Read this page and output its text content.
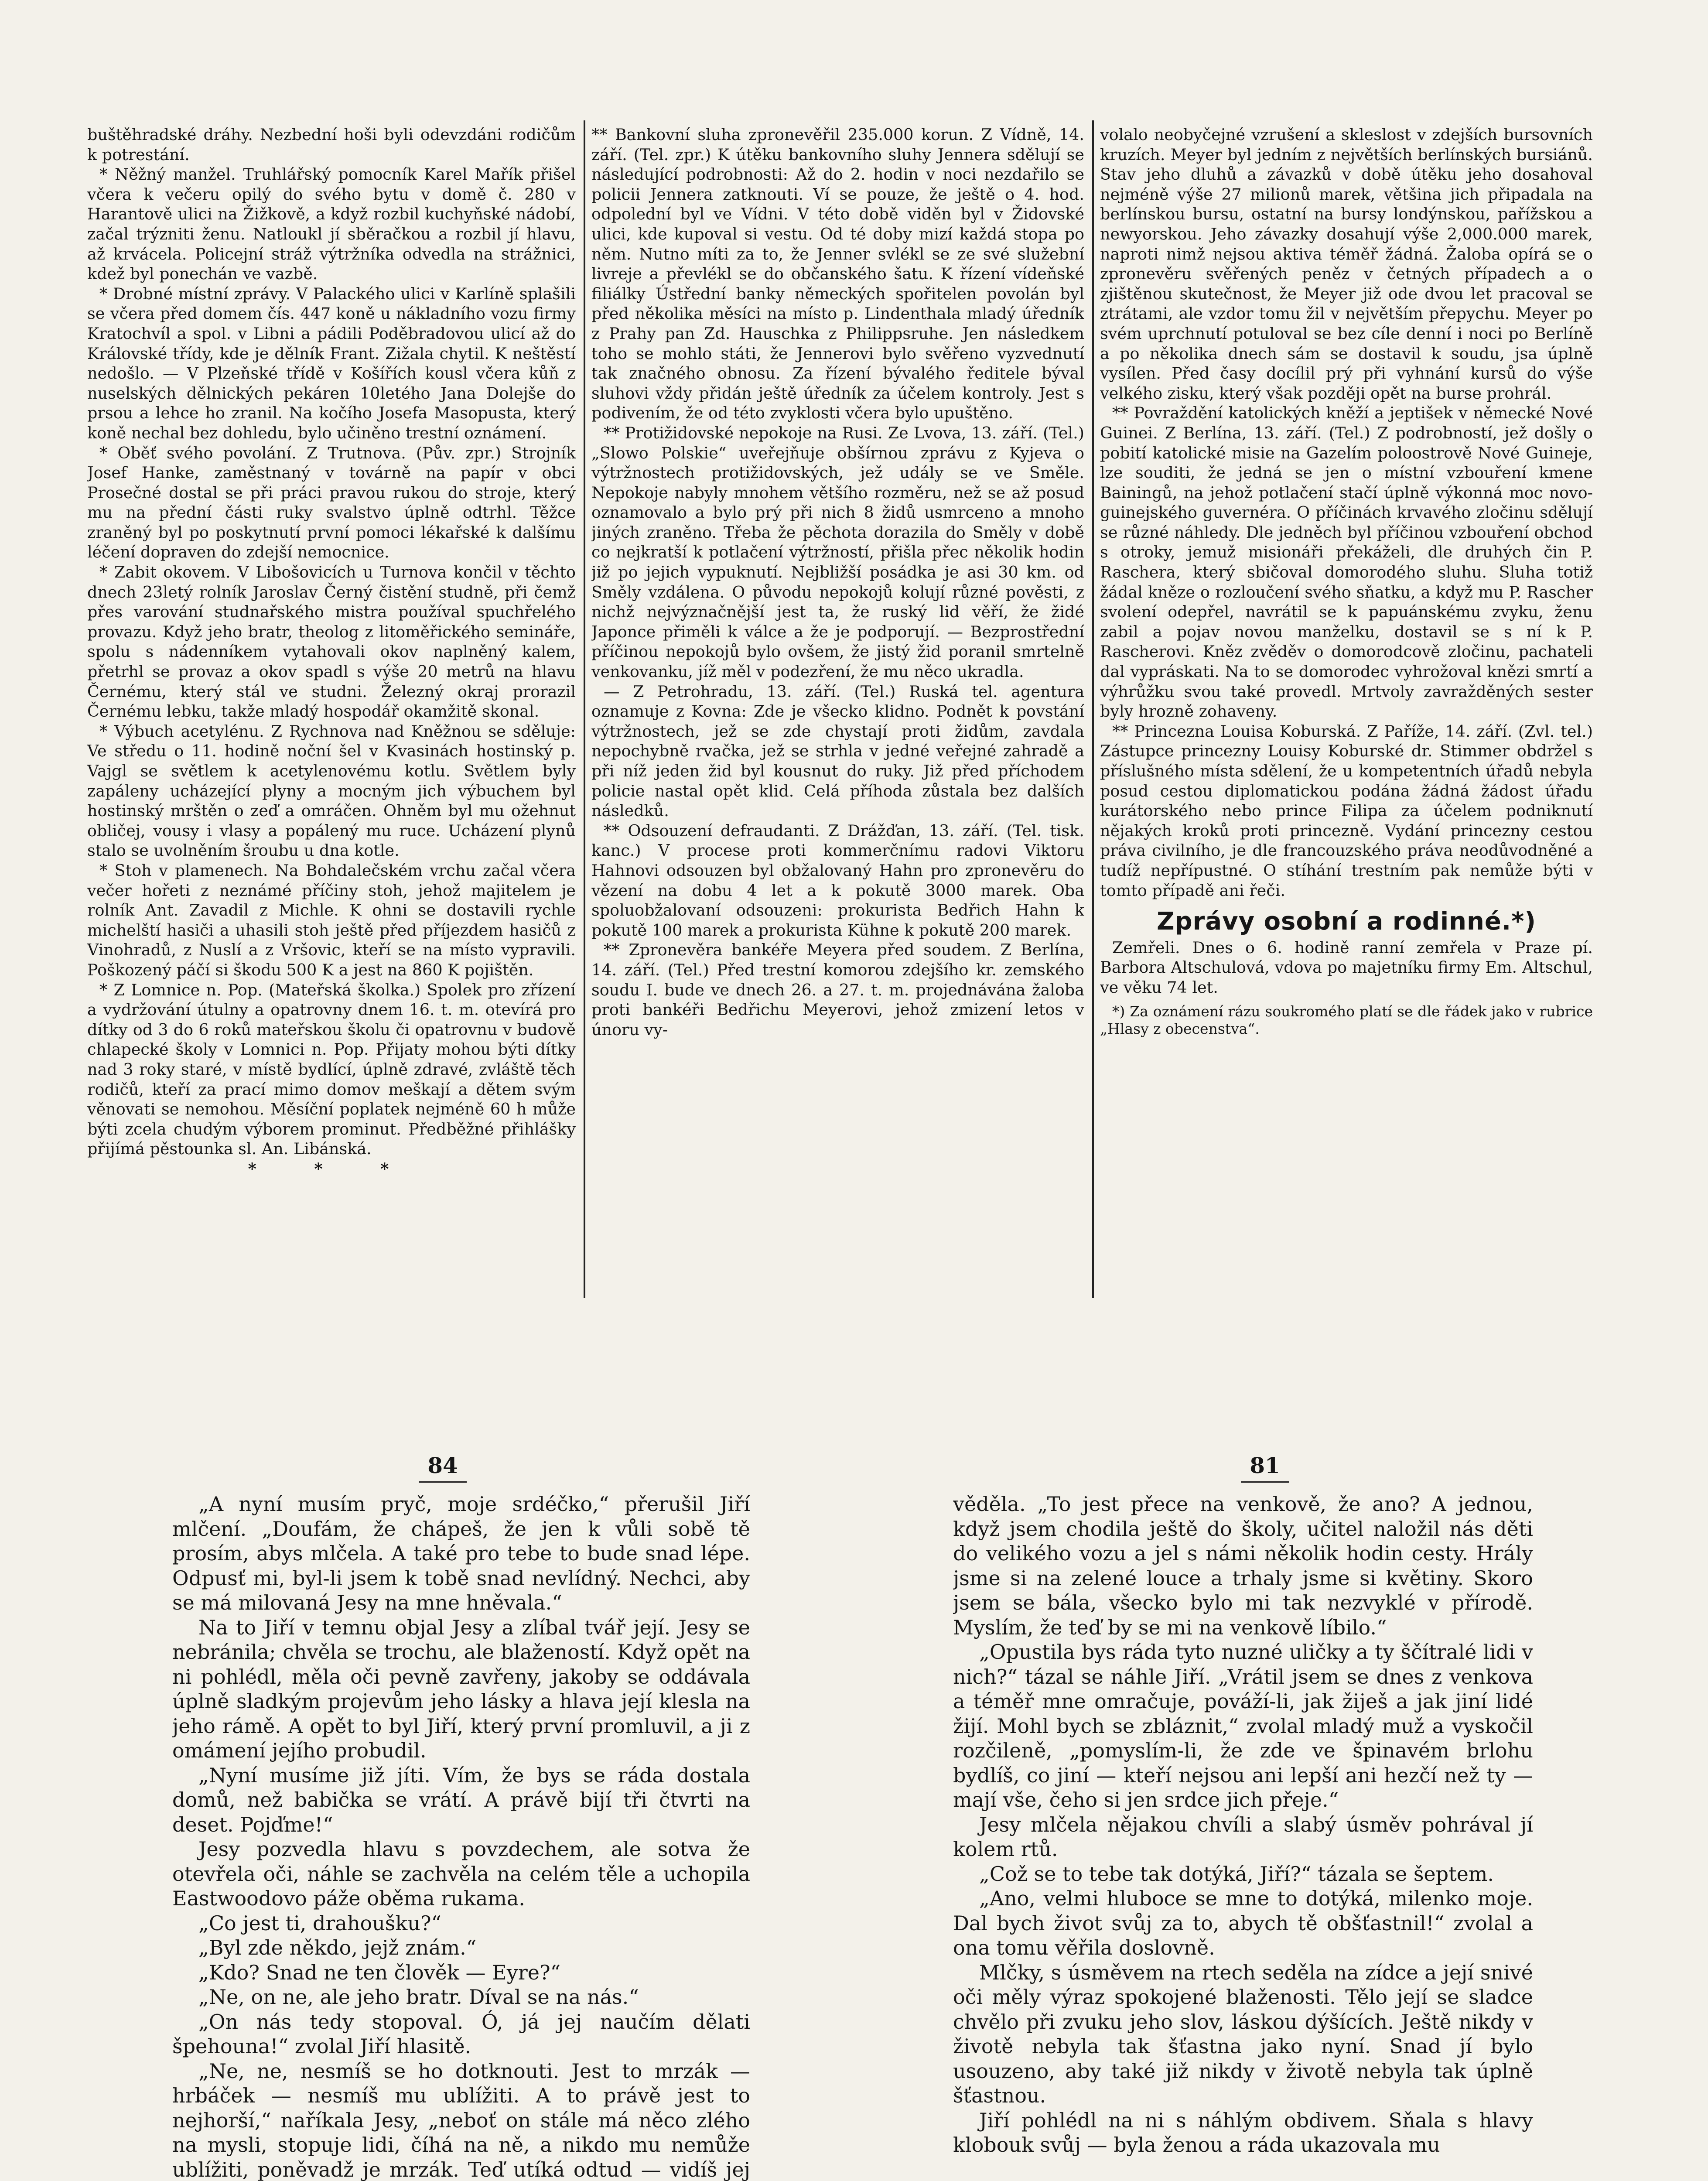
buštěhradské dráhy. Nezbední hoši byli odevzdáni rodičům k potrestání.

* Něžný manžel. Truhlářský pomocník Karel Mařík přišel včera k večeru opilý do svého bytu v domě č. 280 v Harantově ulici na Žižkově, a když rozbil kuchyňské nádobí, začal trýzniti ženu. Natloukl jí sběračkou a rozbil jí hlavu, až krvácela. Policejní stráž výtržníka odvedla na strážnici, kdež byl ponechán ve vazbě.

* Drobné místní zprávy. V Palackého ulici v Karlíně splašili se včera před domem čís. 447 koně u nákladního vozu firmy Kratochvíl a spol. v Libni a pádili Poděbradovou ulicí až do Královské třídy, kde je dělník Frant. Zižala chytil. K neštěstí nedošlo. — V Plzeňské třídě v Košířích kousl včera kůň z nuselských dělnických pekáren 10letého Jana Dolejše do prsou a lehce ho zranil. Na kočího Josefa Masopusta, který koně nechal bez dohledu, bylo učiněno trestní oznámení.

* Oběť svého povolání. Z Trutnova. (Pův. zpr.) Strojník Josef Hanke, zaměstnaný v továrně na papír v obci Prosečné dostal se při práci pravou rukou do stroje, který mu na přední části ruky svalstvo úplně odtrhl. Těžce zraněný byl po poskytnutí první pomoci lékařské k dalšímu léčení dopraven do zdejší nemocnice.

* Zabit okovem. V Libošovicích u Turnova končil v těchto dnech 23letý rolník Jaroslav Černý čistění studně, při čemž přes varování studnařského mistra používal spuchřelého provazu. Když jeho bratr, theolog z litoměřického semináře, spolu s nádenníkem vytahovali okov naplněný kalem, přetrhl se provaz a okov spadl s výše 20 metrů na hlavu Černému, který stál ve studni. Železný okraj prorazil Černému lebku, takže mladý hospodář okamžitě skonal.

* Výbuch acetylénu. Z Rychnova nad Kněžnou se sděluje: Ve středu o 11. hodině noční šel v Kvasinách hostinský p. Vajgl se světlem k acetylenovému kotlu. Světlem byly zapáleny ucházející plyny a mocným jich výbuchem byl hostinský mrštěn o zeď a omráčen. Ohněm byl mu ožehnut obličej, vousy i vlasy a popálený mu ruce. Ucházení plynů stalo se uvolněním šroubu u dna kotle.

* Stoh v plamenech. Na Bohdalečském vrchu začal včera večer hořeti z neznámé příčiny stoh, jehož majitelem je rolník Ant. Zavadil z Michle. K ohni se dostavili rychle michelští hasiči a uhasili stoh ještě před příjezdem hasičů z Vinohradů, z Nuslí a z Vršovic, kteří se na místo vypravili. Poškozený páčí si škodu 500 K a jest na 860 K pojištěn.

* Z Lomnice n. Pop. (Mateřská školka.) Spolek pro zřízení a vydržování útulny a opatrovny dnem 16. t. m. otevírá pro dítky od 3 do 6 roků mateřskou školu či opatrovnu v budově chlapecké školy v Lomnici n. Pop. Přijaty mohou býti dítky nad 3 roky staré, v místě bydlící, úplně zdravé, zvláště těch rodičů, kteří za prací mimo domov meškají a dětem svým věnovati se nemohou. Měsíční poplatek nejméně 60 h může býti zcela chudým výborem prominut. Předběžné přihlášky přijímá pěstounka sl. An. Libánská.

* * *

** Bankovní sluha zpronevěřil 235.000 korun. Z Vídně, 14. září. (Tel. zpr.) K útěku bankovního sluhy Jennera sdělují se následující podrobnosti: Až do 2. hodin v noci nezdařilo se policii Jennera zatknouti. Ví se pouze, že ještě o 4. hod. odpolední byl ve Vídni. V této době viděn byl v Židovské ulici, kde kupoval si vestu. Od té doby mizí každá stopa po něm. Nutno míti za to, že Jenner svlékl se ze své služební livreje a převlékl se do občanského šatu. K řízení vídeňské filiálky Ústřední banky německých spořitelen povolán byl před několika měsíci na místo p. Lindenthala mladý úředník z Prahy pan Zd. Hauschka z Philippsruhe. Jen následkem toho se mohlo státi, že Jennerovi bylo svěřeno vyzvednutí tak značného obnosu. Za řízení bývalého ředitele býval sluhovi vždy přidán ještě úředník za účelem kontroly. Jest s podivením, že od této zvyklosti včera bylo upuštěno.

** Protižidovské nepokoje na Rusi. Ze Lvova, 13. září. (Tel.) „Slowo Polskie“ uveřejňuje obšírnou zprávu z Kyjeva o výtržnostech protižidovských, jež udály se ve Směle. Nepokoje nabyly mnohem většího rozměru, než se až posud oznamovalo a bylo prý při nich 8 židů usmrceno a mnoho jiných zraněno. Třeba že pěchota dorazila do Směly v době co nejkratší k potlačení výtržností, přišla přec několik hodin již po jejich vypuknutí. Nejbližší posádka je asi 30 km. od Směly vzdálena. O původu nepokojů kolují různé pověsti, z nichž nejvýznačnější jest ta, že ruský lid věří, že židé Japonce přiměli k válce a že je podporují. — Bezprostřední příčinou nepokojů bylo ovšem, že jistý žid poranil smrtelně venkovanku, jíž měl v podezření, že mu něco ukradla.

— Z Petrohradu, 13. září. (Tel.) Ruská tel. agentura oznamuje z Kovna: Zde je všecko klidno. Podnět k povstání výtržnostech, jež se zde chystají proti židům, zavdala nepochybně rvačka, jež se strhla v jedné veřejné zahradě a při níž jeden žid byl kousnut do ruky. Již před příchodem policie nastal opět klid. Celá příhoda zůstala bez dalších následků.

** Odsouzení defraudanti. Z Drážďan, 13. září. (Tel. tisk. kanc.) V procese proti kommerčnímu radovi Viktoru Hahnovi odsouzen byl obžalovaný Hahn pro zpronevěru do vězení na dobu 4 let a k pokutě 3000 marek. Oba spoluobžalovaní odsouzeni: prokurista Bedřich Hahn k pokutě 100 marek a prokurista Kühne k pokutě 200 marek.

** Zpronevěra bankéře Meyera před soudem. Z Berlína, 14. září. (Tel.) Před trestní komorou zdejšího kr. zemského soudu I. bude ve dnech 26. a 27. t. m. projednávána žaloba proti bankéři Bedřichu Meyerovi, jehož zmizení letos v únoru vy-

volalo neobyčejné vzrušení a skleslost v zdejších bursovních kruzích. Meyer byl jedním z největších berlínských bursiánů. Stav jeho dluhů a závazků v době útěku jeho dosahoval nejméně výše 27 milionů marek, většina jich připadala na berlínskou bursu, ostatní na bursy londýnskou, pařížskou a newyorskou. Jeho závazky dosahují výše 2,000.000 marek, naproti nimž nejsou aktiva téměř žádná. Žaloba opírá se o zpronevěru svěřených peněz v četných případech a o zjištěnou skutečnost, že Meyer již ode dvou let pracoval se ztrátami, ale vzdor tomu žil v největším přepychu. Meyer po svém uprchnutí potuloval se bez cíle denní i noci po Berlíně a po několika dnech sám se dostavil k soudu, jsa úplně vysílen. Před časy docílil prý při vyhnání kursů do výše velkého zisku, který však později opět na burse prohrál.

** Povraždění katolických kněží a jeptišek v německé Nové Guinei. Z Berlína, 13. září. (Tel.) Z podrobností, jež došly o pobití katolické misie na Gazelím poloostrově Nové Guineje, lze souditi, že jedná se jen o místní vzbouření kmene Bainingů, na jehož potlačení stačí úplně výkonná moc novo-guinejského guvernéra. O příčinách krvavého zločinu sdělují se různé náhledy. Dle jedněch byl příčinou vzbouření obchod s otroky, jemuž misionáři překáželi, dle druhých čin P. Raschera, který sbičoval domorodého sluhu. Sluha totiž žádal kněze o rozloučení svého sňatku, a když mu P. Rascher svolení odepřel, navrátil se k papuánskému zvyku, ženu zabil a pojav novou manželku, dostavil se s ní k P. Rascherovi. Kněz zvěděv o domorodcově zločinu, pachateli dal vypráskati. Na to se domorodec vyhrožoval knězi smrtí a výhrůžku svou také provedl. Mrtvoly zavražděných sester byly hrozně zohaveny.

** Princezna Louisa Koburská. Z Paříže, 14. září. (Zvl. tel.) Zástupce princezny Louisy Koburské dr. Stimmer obdržel s příslušného místa sdělení, že u kompetentních úřadů nebyla posud cestou diplomatickou podána žádná žádost úřadu kurátorského nebo prince Filipa za účelem podniknutí nějakých kroků proti princezně. Vydání princezny cestou práva civilního, je dle francouzského práva neodůvodněné a tudíž nepřípustné. O stíhání trestním pak nemůže býti v tomto případě ani řeči.

Zprávy osobní a rodinné.*)

Zemřeli. Dnes o 6. hodině ranní zemřela v Praze pí. Barbora Altschulová, vdova po majetníku firmy Em. Altschul, ve věku 74 let.

*) Za oznámení rázu soukromého platí se dle řádek jako v rubrice „Hlasy z obecenstva“.

84	81

„A nyní musím pryč, moje srdéčko,“ přerušil Jiří mlčení. „Doufám, že chápeš, že jen k vůli sobě tě prosím, abys mlčela. A také pro tebe to bude snad lépe. Odpusť mi, byl-li jsem k tobě snad nevlídný. Nechci, aby se má milovaná Jesy na mne hněvala.“

Na to Jiří v temnu objal Jesy a zlíbal tvář její. Jesy se nebránila; chvěla se trochu, ale blažeností. Když opět na ni pohlédl, měla oči pevně zavřeny, jakoby se oddávala úplně sladkým projevům jeho lásky a hlava její klesla na jeho rámě. A opět to byl Jiří, který první promluvil, a ji z omámení jejího probudil.

„Nyní musíme již jíti. Vím, že bys se ráda dostala domů, než babička se vrátí. A právě bijí tři čtvrti na deset. Pojďme!“

Jesy pozvedla hlavu s povzdechem, ale sotva že otevřela oči, náhle se zachvěla na celém těle a uchopila Eastwoodovo páže oběma rukama.

„Co jest ti, drahoušku?“

„Byl zde někdo, jejž znám.“

„Kdo? Snad ne ten člověk — Eyre?“

„Ne, on ne, ale jeho bratr. Díval se na nás.“

„On nás tedy stopoval. Ó, já jej naučím dělati špehouna!“ zvolal Jiří hlasitě.

„Ne, ne, nesmíš se ho dotknouti. Jest to mrzák — hrbáček — nesmíš mu ublížiti. A to právě jest to nejhorší,“ naříkala Jesy, „neboť on stále má něco zlého na mysli, stopuje lidi, číhá na ně, a nikdo mu nemůže ublížiti, poněvadž je mrzák. Teď utíká odtud — vidíš jej

věděla. „To jest přece na venkově, že ano? A jednou, když jsem chodila ještě do školy, učitel naložil nás děti do velikého vozu a jel s námi několik hodin cesty. Hrály jsme si na zelené louce a trhaly jsme si květiny. Skoro jsem se bála, všecko bylo mi tak nezvyklé v přírodě. Myslím, že teď by se mi na venkově líbilo.“

„Opustila bys ráda tyto nuzné uličky a ty ščítralé lidi v nich?“ tázal se náhle Jiří. „Vrátil jsem se dnes z venkova a téměř mne omračuje, pováží-li, jak žiješ a jak jiní lidé žijí. Mohl bych se zbláznit,“ zvolal mladý muž a vyskočil rozčileně, „pomyslím-li, že zde ve špinavém brlohu bydlíš, co jiní — kteří nejsou ani lepší ani hezčí než ty — mají vše, čeho si jen srdce jich přeje.“

Jesy mlčela nějakou chvíli a slabý úsměv pohrával jí kolem rtů.

„Což se to tebe tak dotýká, Jiří?“ tázala se šeptem.

„Ano, velmi hluboce se mne to dotýká, milenko moje. Dal bych život svůj za to, abych tě obšťastnil!“ zvolal a ona tomu věřila doslovně.

Mlčky, s úsměvem na rtech seděla na zídce a její snivé oči měly výraz spokojené blaženosti. Tělo její se sladce chvělo při zvuku jeho slov, láskou dýšících. Ještě nikdy v životě nebyla tak šťastna jako nyní. Snad jí bylo usouzeno, aby také již nikdy v životě nebyla tak úplně šťastnou.

Jiří pohlédl na ni s náhlým obdivem. Sňala s hlavy klobouk svůj — byla ženou a ráda ukazovala mu
